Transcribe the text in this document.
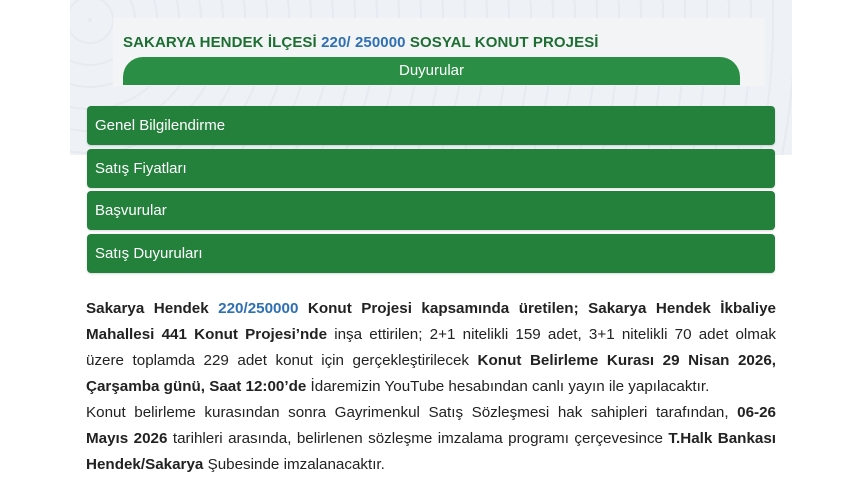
SAKARYA HENDEK İLÇESİ 220/ 250000 SOSYAL KONUT PROJESİ
Duyurular
Genel Bilgilendirme
Satış Fiyatları
Başvurular
Satış Duyuruları

Sakarya Hendek 220/250000 Konut Projesi kapsamında üretilen; Sakarya Hendek İkbaliye Mahallesi 441 Konut Projesi’nde inşa ettirilen; 2+1 nitelikli 159 adet, 3+1 nitelikli 70 adet olmak üzere toplamda 229 adet konut için gerçekleştirilecek Konut Belirleme Kurası 29 Nisan 2026, Çarşamba günü, Saat 12:00’de İdaremizin YouTube hesabından canlı yayın ile yapılacaktır.

Konut belirleme kurasından sonra Gayrimenkul Satış Sözleşmesi hak sahipleri tarafından, 06-26 Mayıs 2026 tarihleri arasında, belirlenen sözleşme imzalama programı çerçevesince T.Halk Bankası Hendek/Sakarya Şubesinde imzalanacaktır.
